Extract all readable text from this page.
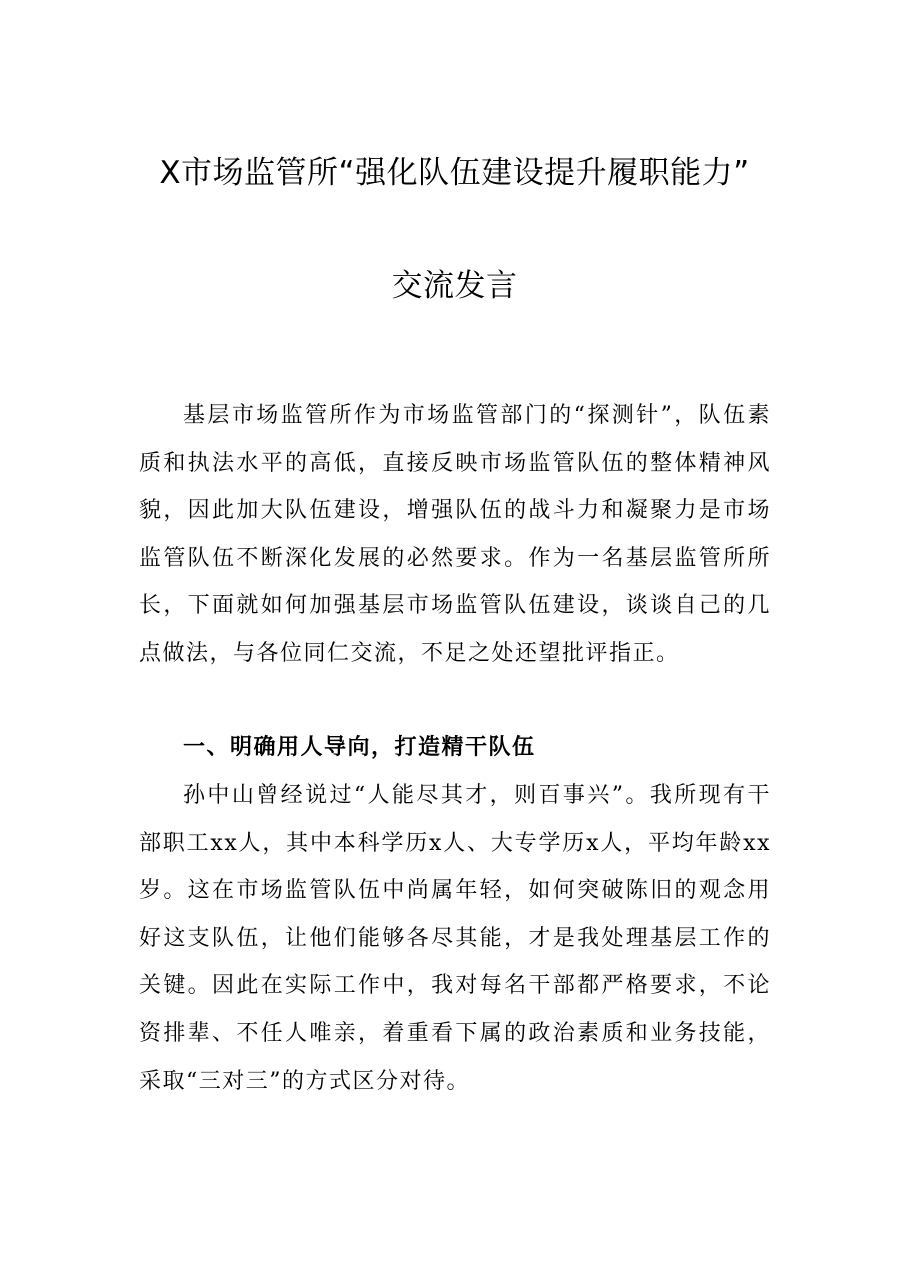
X市场监管所“强化队伍建设提升履职能力”
交流发言
基层市场监管所作为市场监管部门的“探测针”，队伍素质和执法水平的高低，直接反映市场监管队伍的整体精神风貌，因此加大队伍建设，增强队伍的战斗力和凝聚力是市场监管队伍不断深化发展的必然要求。作为一名基层监管所所长，下面就如何加强基层市场监管队伍建设，谈谈自己的几点做法，与各位同仁交流，不足之处还望批评指正。
一、明确用人导向，打造精干队伍
孙中山曾经说过“人能尽其才，则百事兴”。我所现有干部职工xx人，其中本科学历x人、大专学历x人，平均年龄xx岁。这在市场监管队伍中尚属年轻，如何突破陈旧的观念用好这支队伍，让他们能够各尽其能，才是我处理基层工作的关键。因此在实际工作中，我对每名干部都严格要求，不论资排辈、不任人唯亲，着重看下属的政治素质和业务技能，采取“三对三”的方式区分对待。
